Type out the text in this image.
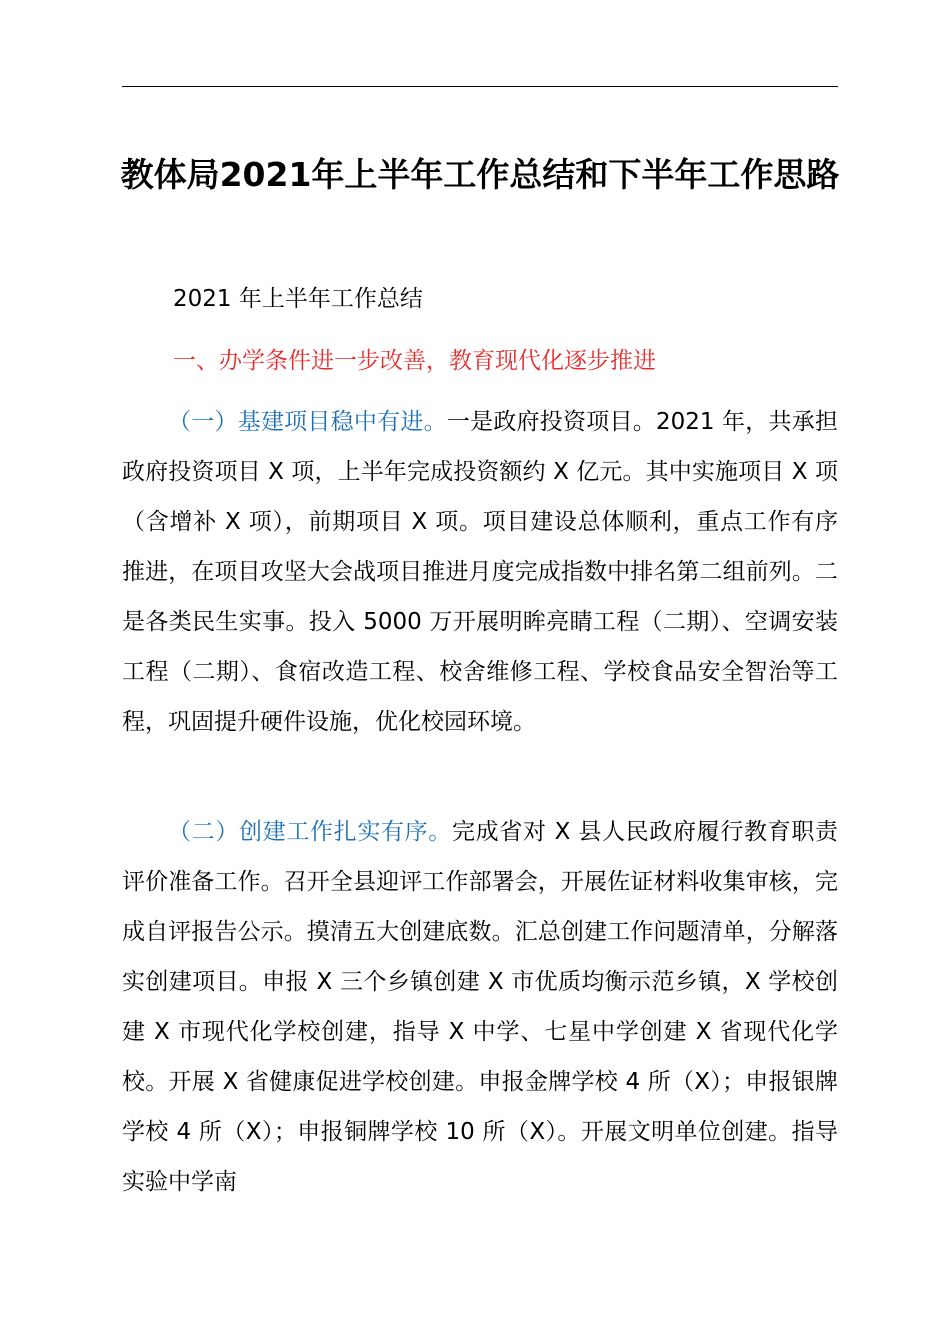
教体局2021年上半年工作总结和下半年工作思路

2021 年上半年工作总结

一、办学条件进一步改善，教育现代化逐步推进

（一）基建项目稳中有进。一是政府投资项目。2021 年，共承担政府投资项目 X 项，上半年完成投资额约 X 亿元。其中实施项目 X 项（含增补 X 项），前期项目 X 项。项目建设总体顺利，重点工作有序推进，在项目攻坚大会战项目推进月度完成指数中排名第二组前列。二是各类民生实事。投入 5000 万开展明眸亮睛工程（二期）、空调安装工程（二期）、食宿改造工程、校舍维修工程、学校食品安全智治等工程，巩固提升硬件设施，优化校园环境。

（二）创建工作扎实有序。完成省对 X 县人民政府履行教育职责评价准备工作。召开全县迎评工作部署会，开展佐证材料收集审核，完成自评报告公示。摸清五大创建底数。汇总创建工作问题清单，分解落实创建项目。申报 X 三个乡镇创建 X 市优质均衡示范乡镇，X 学校创建 X 市现代化学校创建，指导 X 中学、七星中学创建 X 省现代化学校。开展 X 省健康促进学校创建。申报金牌学校 4 所（X）；申报银牌学校 4 所（X）；申报铜牌学校 10 所（X）。开展文明单位创建。指导实验中学南
